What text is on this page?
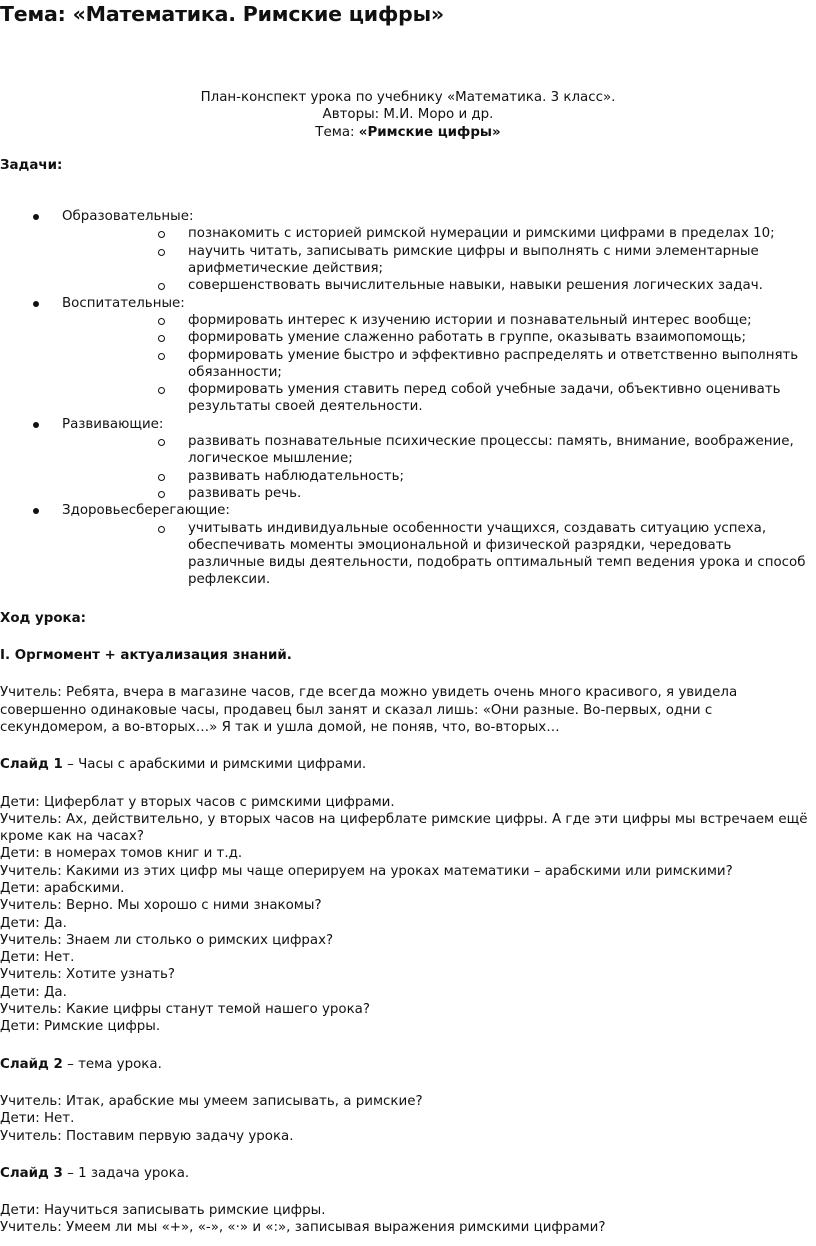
Тема: «Математика. Римские цифры»

План-конспект урока по учебнику «Математика. 3 класс».

Авторы: М.И. Моро и др.

Тема: «Римские цифры»

Задачи:

Образовательные:
познакомить с историей римской нумерации и римскими цифрами в пределах 10;
научить читать, записывать римские цифры и выполнять с ними элементарные арифметические действия;
совершенствовать вычислительные навыки, навыки решения логических задач.
Воспитательные:
формировать интерес к изучению истории и познавательный интерес вообще;
формировать умение слаженно работать в группе, оказывать взаимопомощь;
формировать умение быстро и эффективно распределять и ответственно выполнять обязанности;
формировать умения ставить перед собой учебные задачи, объективно оценивать результаты своей деятельности.
Развивающие:
развивать познавательные психические процессы: память, внимание, воображение, логическое мышление;
развивать наблюдательность;
развивать речь.
Здоровьесберегающие:
учитывать индивидуальные особенности учащихся, создавать ситуацию успеха, обеспечивать моменты эмоциональной и физической разрядки, чередовать различные виды деятельности, подобрать оптимальный темп ведения урока и способ рефлексии.

Ход урока:

I. Оргмомент + актуализация знаний.

Учитель: Ребята, вчера в магазине часов, где всегда можно увидеть очень много красивого, я увидела совершенно одинаковые часы, продавец был занят и сказал лишь: «Они разные. Во-первых, одни с секундомером, а во-вторых…» Я так и ушла домой, не поняв, что, во-вторых…

Слайд 1 – Часы с арабскими и римскими цифрами.

Дети: Циферблат у вторых часов с римскими цифрами.

Учитель: Ах, действительно, у вторых часов на циферблате римские цифры. А где эти цифры мы встречаем ещё кроме как на часах?

Дети: в номерах томов книг и т.д.

Учитель: Какими из этих цифр мы чаще оперируем на уроках математики – арабскими или римскими?

Дети: арабскими.

Учитель: Верно. Мы хорошо с ними знакомы?

Дети: Да.

Учитель: Знаем ли столько о римских цифрах?

Дети: Нет.

Учитель: Хотите узнать?

Дети: Да.

Учитель: Какие цифры станут темой нашего урока?

Дети: Римские цифры.

Слайд 2 – тема урока.

Учитель: Итак, арабские мы умеем записывать, а римские?

Дети: Нет.

Учитель: Поставим первую задачу урока.

Слайд 3 – 1 задача урока.

Дети: Научиться записывать римские цифры.

Учитель: Умеем ли мы «+», «-», «·» и «:», записывая выражения римскими цифрами?
